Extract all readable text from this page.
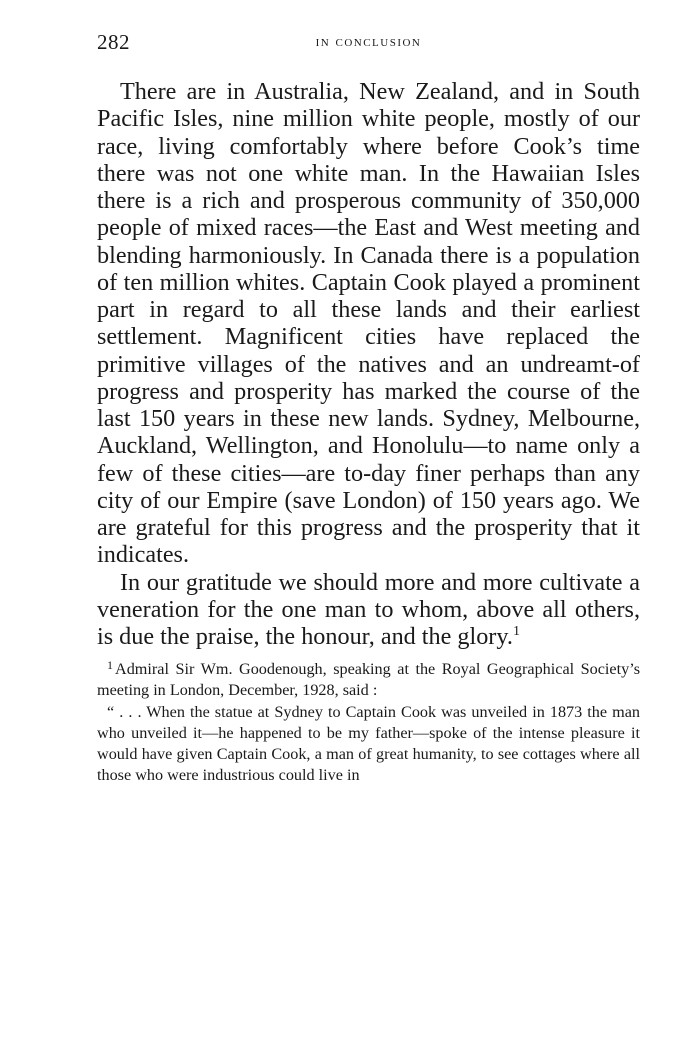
282	in conclusion

There are in Australia, New Zealand, and in South Pacific Isles, nine million white people, mostly of our race, living comfortably where before Cook’s time there was not one white man. In the Hawaiian Isles there is a rich and prosperous community of 350,000 people of mixed races—the East and West meeting and blending harmoniously. In Canada there is a population of ten million whites. Captain Cook played a prominent part in regard to all these lands and their earliest settlement. Magnificent cities have replaced the primitive villages of the natives and an undreamt-of progress and prosperity has marked the course of the last 150 years in these new lands. Sydney, Melbourne, Auckland, Wellington, and Honolulu—to name only a few of these cities—are to-day finer perhaps than any city of our Empire (save London) of 150 years ago. We are grateful for this progress and the prosperity that it indicates.

In our gratitude we should more and more cultivate a veneration for the one man to whom, above all others, is due the praise, the honour, and the glory.$^1$

$^1$ Admiral Sir Wm. Goodenough, speaking at the Royal Geographical Society’s meeting in London, December, 1928, said :

“ . . . When the statue at Sydney to Captain Cook was unveiled in 1873 the man who unveiled it—he happened to be my father—spoke of the intense pleasure it would have given Captain Cook, a man of great humanity, to see cottages where all those who were industrious could live in
